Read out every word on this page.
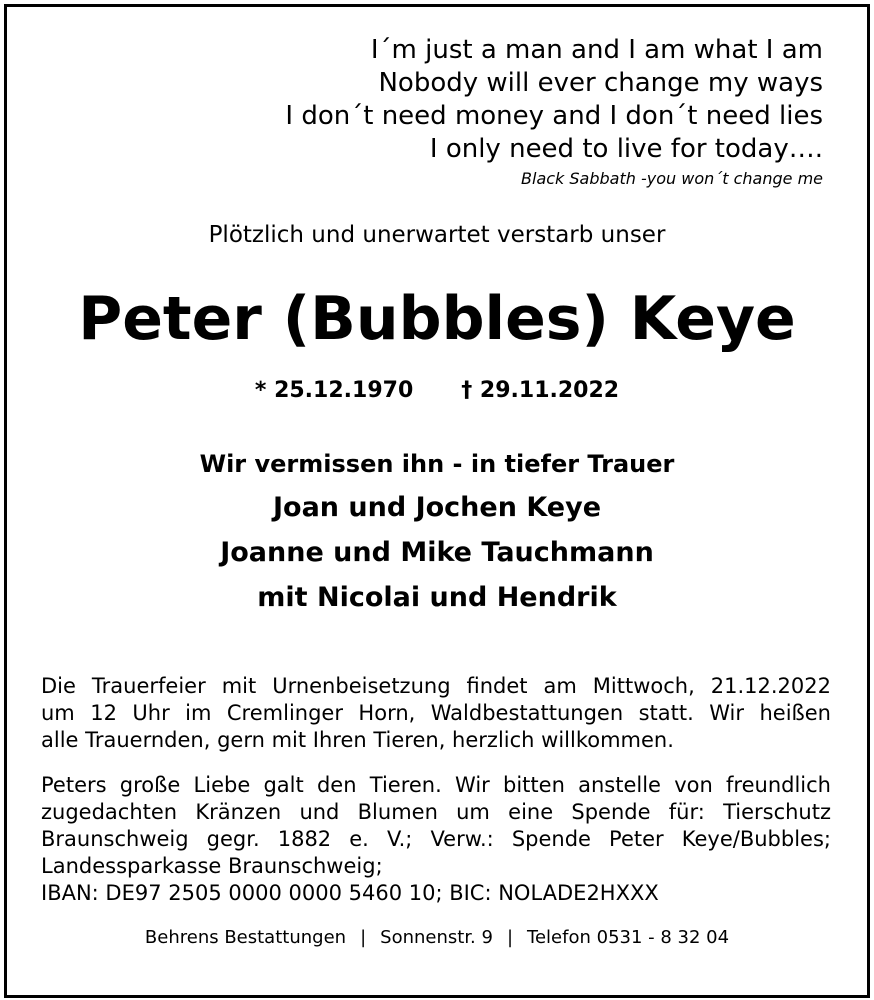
I´m just a man and I am what I am
Nobody will ever change my ways
I don´t need money and I don´t need lies
I only need to live for today….
Black Sabbath -you won´t change me
Plötzlich und unerwartet verstarb unser
Peter (Bubbles) Keye
* 25.12.1970 † 29.11.2022
Wir vermissen ihn - in tiefer Trauer
Joan und Jochen Keye
Joanne und Mike Tauchmann
mit Nicolai und Hendrik
Die Trauerfeier mit Urnenbeisetzung findet am Mittwoch, 21.12.2022
um 12 Uhr im Cremlinger Horn, Waldbestattungen statt. Wir heißen
alle Trauernden, gern mit Ihren Tieren, herzlich willkommen.
Peters große Liebe galt den Tieren. Wir bitten anstelle von freundlich
zugedachten Kränzen und Blumen um eine Spende für: Tierschutz
Braunschweig gegr. 1882 e. V.; Verw.: Spende Peter Keye/Bubbles;
Landessparkasse Braunschweig;
IBAN: DE97 2505 0000 0000 5460 10; BIC: NOLADE2HXXX
Behrens Bestattungen | Sonnenstr. 9 | Telefon 0531 - 8 32 04
